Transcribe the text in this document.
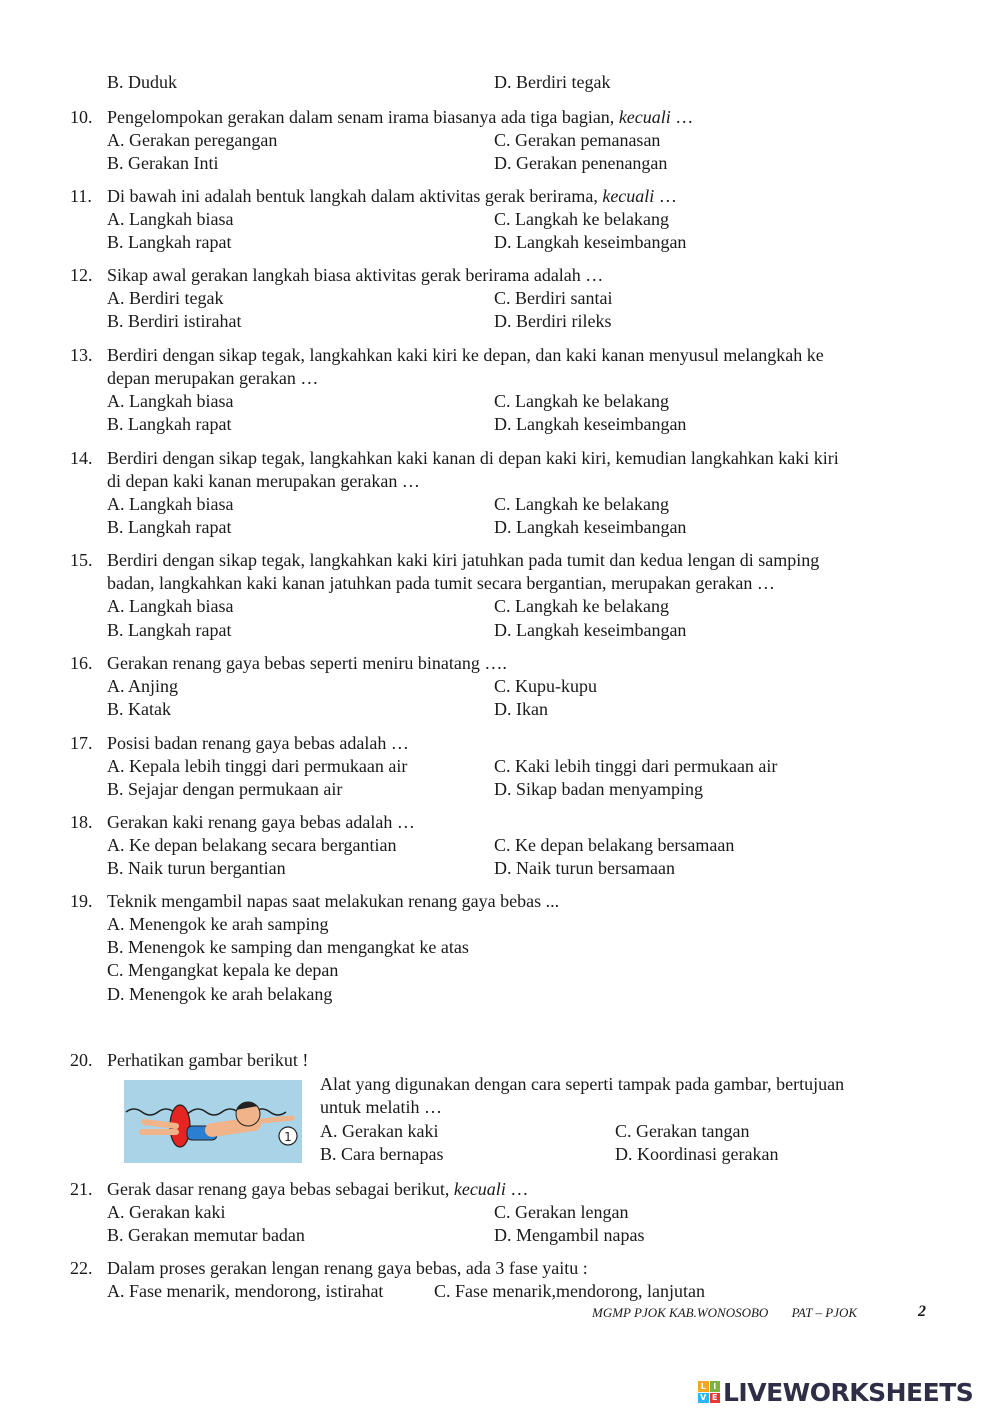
B. Duduk	D. Berdiri tegak
10. Pengelompokan gerakan dalam senam irama biasanya ada tiga bagian, kecuali …
A. Gerakan peregangan	C. Gerakan pemanasan
B. Gerakan Inti	D. Gerakan penenangan
11. Di bawah ini adalah bentuk langkah dalam aktivitas gerak berirama, kecuali …
A. Langkah biasa	C. Langkah ke belakang
B. Langkah rapat	D. Langkah keseimbangan
12. Sikap awal gerakan langkah biasa aktivitas gerak berirama adalah …
A. Berdiri tegak	C. Berdiri santai
B. Berdiri istirahat	D. Berdiri rileks
13. Berdiri dengan sikap tegak, langkahkan kaki kiri ke depan, dan kaki kanan menyusul melangkah ke
depan merupakan gerakan …
A. Langkah biasa	C. Langkah ke belakang
B. Langkah rapat	D. Langkah keseimbangan
14. Berdiri dengan sikap tegak, langkahkan kaki kanan di depan kaki kiri, kemudian langkahkan kaki kiri
di depan kaki kanan merupakan gerakan …
A. Langkah biasa	C. Langkah ke belakang
B. Langkah rapat	D. Langkah keseimbangan
15. Berdiri dengan sikap tegak, langkahkan kaki kiri jatuhkan pada tumit dan kedua lengan di samping
badan, langkahkan kaki kanan jatuhkan pada tumit secara bergantian, merupakan gerakan …
A. Langkah biasa	C. Langkah ke belakang
B. Langkah rapat	D. Langkah keseimbangan
16. Gerakan renang gaya bebas seperti meniru binatang ….
A. Anjing	C. Kupu-kupu
B. Katak	D. Ikan
17. Posisi badan renang gaya bebas adalah …
A. Kepala lebih tinggi dari permukaan air	C. Kaki lebih tinggi dari permukaan air
B. Sejajar dengan permukaan air	D. Sikap badan menyamping
18. Gerakan kaki renang gaya bebas adalah …
A. Ke depan belakang secara bergantian	C. Ke depan belakang bersamaan
B. Naik turun bergantian	D. Naik turun bersamaan
19. Teknik mengambil napas saat melakukan renang gaya bebas ...
A. Menengok ke arah samping
B. Menengok ke samping dan mengangkat ke atas
C. Mengangkat kepala ke depan
D. Menengok ke arah belakang
20. Perhatikan gambar berikut !
1
Alat yang digunakan dengan cara seperti tampak pada gambar, bertujuan
untuk melatih …
A. Gerakan kaki	C. Gerakan tangan
B. Cara bernapas	D. Koordinasi gerakan
21. Gerak dasar renang gaya bebas sebagai berikut, kecuali …
A. Gerakan kaki	C. Gerakan lengan
B. Gerakan memutar badan	D. Mengambil napas
22. Dalam proses gerakan lengan renang gaya bebas, ada 3 fase yaitu :
A. Fase menarik, mendorong, istirahat	C. Fase menarik,mendorong, lanjutan
MGMP PJOK KAB.WONOSOBO PAT – PJOK	2
L I
V E LIVEWORKSHEETS
